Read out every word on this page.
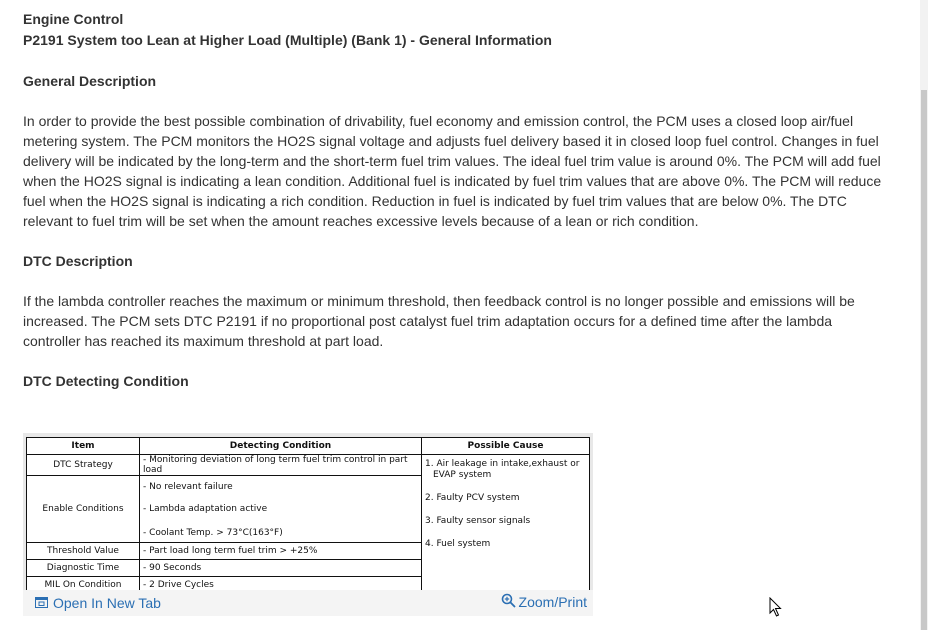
Engine Control
P2191 System too Lean at Higher Load (Multiple) (Bank 1) - General Information
General Description

In order to provide the best possible combination of drivability, fuel economy and emission control, the PCM uses a closed loop air/fuel metering system. The PCM monitors the HO2S signal voltage and adjusts fuel delivery based it in closed loop fuel control. Changes in fuel delivery will be indicated by the long-term and the short-term fuel trim values. The ideal fuel trim value is around 0%. The PCM will add fuel when the HO2S signal is indicating a lean condition. Additional fuel is indicated by fuel trim values that are above 0%. The PCM will reduce fuel when the HO2S signal is indicating a rich condition. Reduction in fuel is indicated by fuel trim values that are below 0%. The DTC relevant to fuel trim will be set when the amount reaches excessive levels because of a lean or rich condition.

DTC Description

If the lambda controller reaches the maximum or minimum threshold, then feedback control is no longer possible and emissions will be increased. The PCM sets DTC P2191 if no proportional post catalyst fuel trim adaptation occurs for a defined time after the lambda controller has reached its maximum threshold at part load.

DTC Detecting Condition
Item	Detecting Condition	Possible Cause
DTC Strategy	- Monitoring deviation of long term fuel trim control in part load	1. Air leakage in intake,exhaust or
EVAP system
2. Faulty PCV system
3. Faulty sensor signals
4. Fuel system

Enable Conditions	- No relevant failure
- Lambda adaptation active
- Coolant Temp. > 73°C(163°F)	

Threshold Value	- Part load long term fuel trim > +25%	
Diagnostic Time	- 90 Seconds	
MIL On Condition	- 2 Drive Cycles	
Open In New Tab	Zoom/Print
